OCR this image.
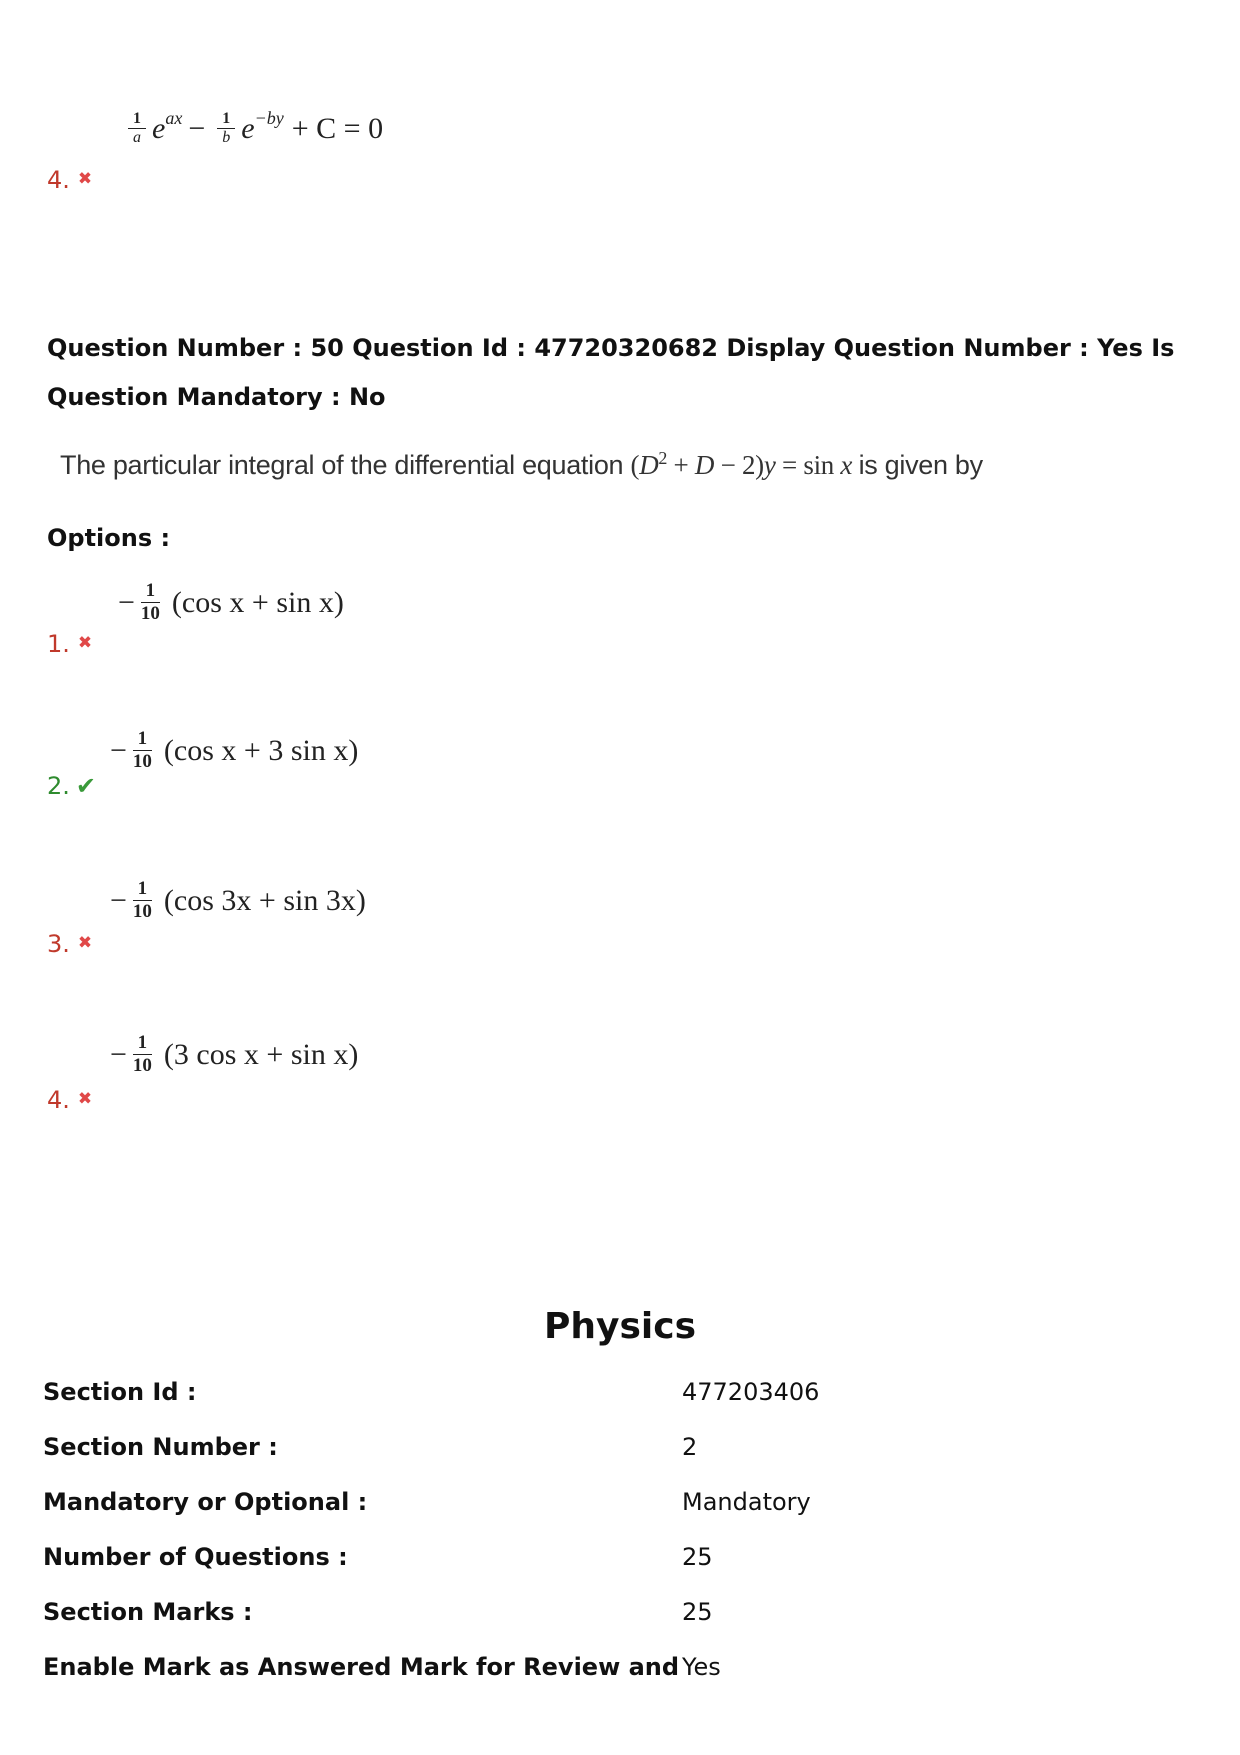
$\frac{1}{a}$ e $^{ax} - \frac{1}{b}$ e $^{-by}$ + C = 0
4. ✖
Question Number : 50 Question Id : 47720320682 Display Question Number : Yes Is Question Mandatory : No
The particular integral of the differential equation $(D^2 + D - 2)y = \sin x$ is given by
Options :
− $\frac{1}{10} (\cos$ x + sin x)
1. ✖
− $\frac{1}{10} (\cos$ x + 3 sin x)
2. ✔
− $\frac{1}{10} (\cos$ 3x + sin 3x)
3. ✖
− $\frac{1}{10} (3$ cos x + sin x)
4. ✖
Physics
Section Id :	477203406
Section Number :	2
Mandatory or Optional :	Mandatory
Number of Questions :	25
Section Marks :	25
Enable Mark as Answered Mark for Review and Yes
